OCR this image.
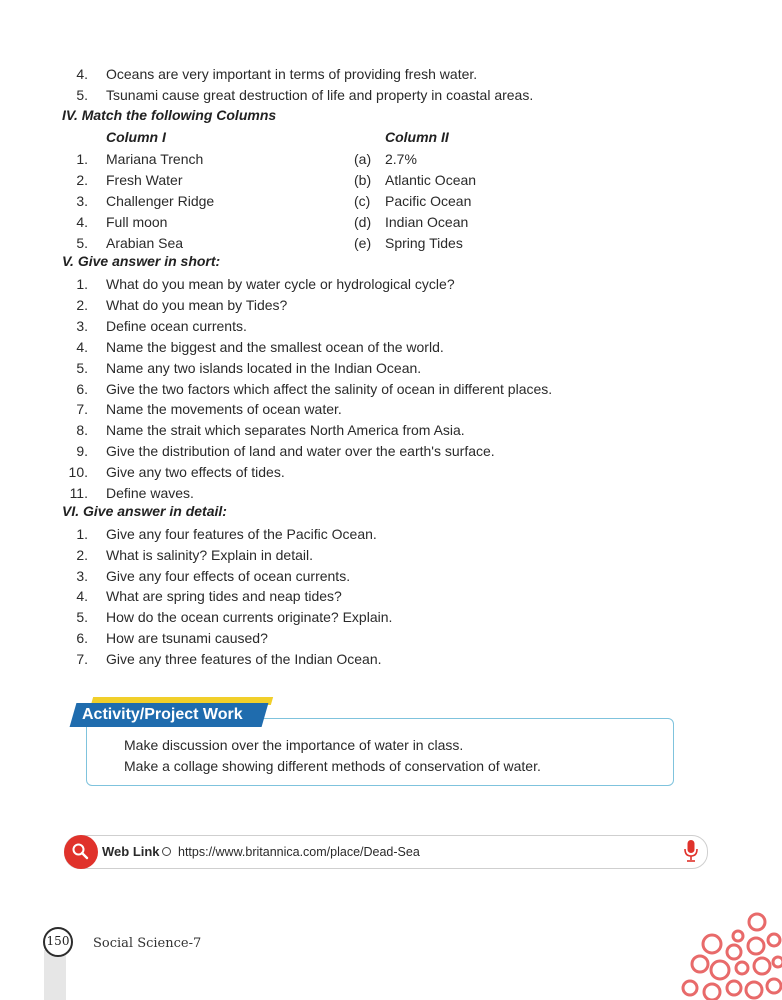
4. Oceans are very important in terms of providing fresh water.
5. Tsunami cause great destruction of life and property in coastal areas.
IV. Match the following Columns
Column I	Column II
1. Mariana Trench	(a) 2.7%
2. Fresh Water	(b) Atlantic Ocean
3. Challenger Ridge	(c) Pacific Ocean
4. Full moon	(d) Indian Ocean
5. Arabian Sea	(e) Spring Tides
V. Give answer in short:
1. What do you mean by water cycle or hydrological cycle?
2. What do you mean by Tides?
3. Define ocean currents.
4. Name the biggest and the smallest ocean of the world.
5. Name any two islands located in the Indian Ocean.
6. Give the two factors which affect the salinity of ocean in different places.
7. Name the movements of ocean water.
8. Name the strait which separates North America from Asia.
9. Give the distribution of land and water over the earth's surface.
10. Give any two effects of tides.
11. Define waves.
VI. Give answer in detail:
1. Give any four features of the Pacific Ocean.
2. What is salinity? Explain in detail.
3. Give any four effects of ocean currents.
4. What are spring tides and neap tides?
5. How do the ocean currents originate? Explain.
6. How are tsunami caused?
7. Give any three features of the Indian Ocean.
Activity/Project Work
Make discussion over the importance of water in class.
Make a collage showing different methods of conservation of water.
Web Link https://www.britannica.com/place/Dead-Sea
150 Social Science-7
